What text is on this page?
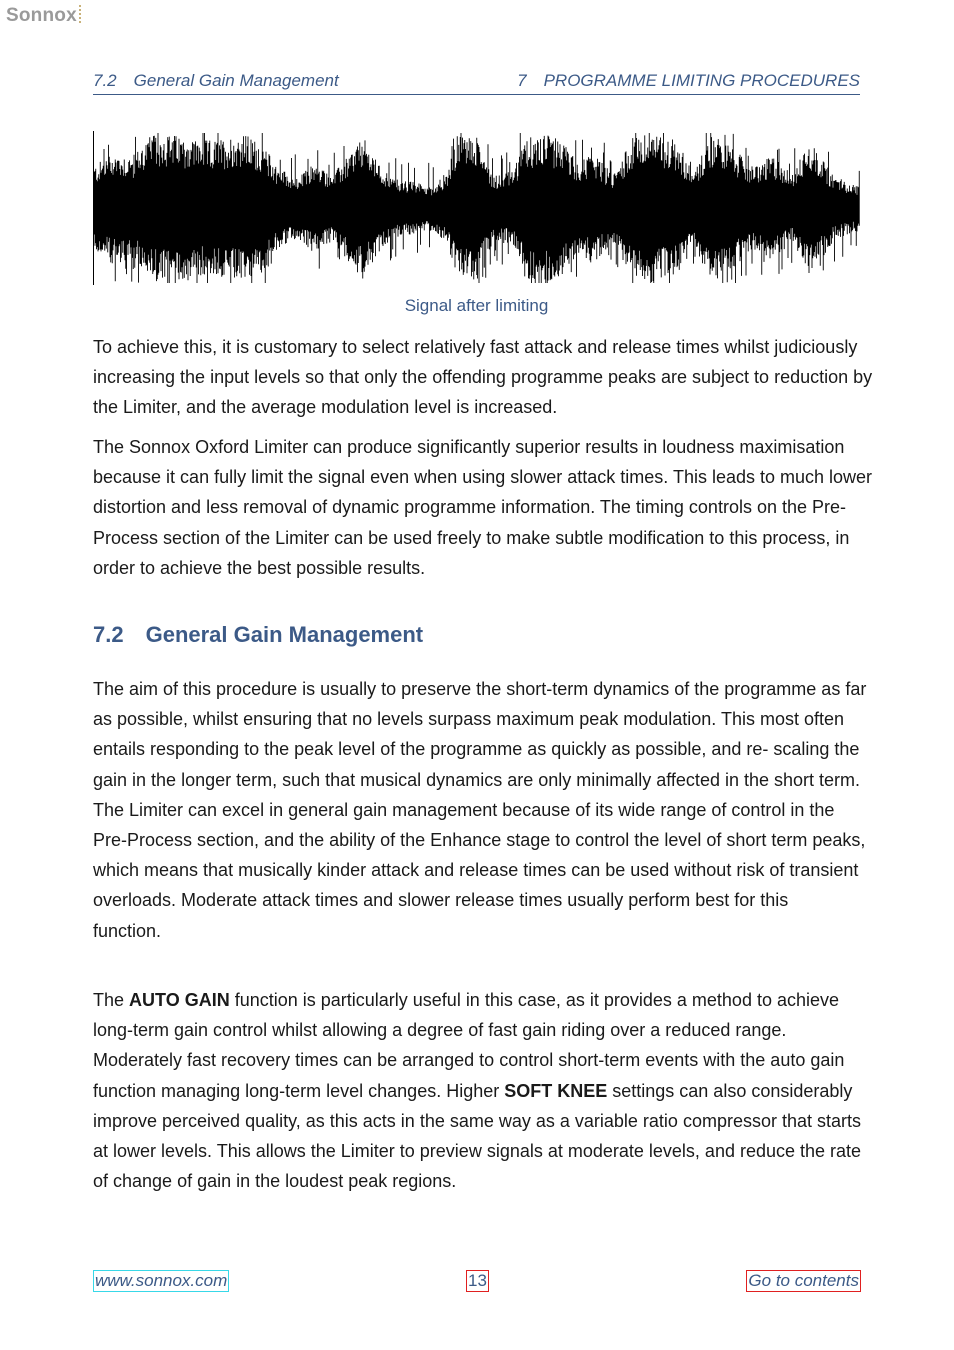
Sonnox
7.2 General Gain Management	7 PROGRAMME LIMITING PROCEDURES
Signal after limiting

To achieve this, it is customary to select relatively fast attack and release times whilst judiciously increasing the input levels so that only the offending programme peaks are subject to reduction by the Limiter, and the average modulation level is increased.

The Sonnox Oxford Limiter can produce significantly superior results in loudness maximisation because it can fully limit the signal even when using slower attack times. This leads to much lower distortion and less removal of dynamic programme information. The timing controls on the Pre-Process section of the Limiter can be used freely to make subtle modification to this process, in order to achieve the best possible results.

7.2 General Gain Management

The aim of this procedure is usually to preserve the short-term dynamics of the programme as far as possible, whilst ensuring that no levels surpass maximum peak modulation. This most often entails responding to the peak level of the programme as quickly as possible, and re- scaling the gain in the longer term, such that musical dynamics are only minimally affected in the short term. The Limiter can excel in general gain management because of its wide range of control in the Pre-Process section, and the ability of the Enhance stage to control the level of short term peaks, which means that musically kinder attack and release times can be used without risk of transient overloads. Moderate attack times and slower release times usually perform best for this
function.

The AUTO GAIN function is particularly useful in this case, as it provides a method to achieve long-term gain control whilst allowing a degree of fast gain riding over a reduced range. Moderately fast recovery times can be arranged to control short-term events with the auto gain function managing long-term level changes. Higher SOFT KNEE settings can also considerably improve perceived quality, as this acts in the same way as a variable ratio compressor that starts at lower levels. This allows the Limiter to preview signals at moderate levels, and reduce the rate of change of gain in the loudest peak regions.

www.sonnox.com	13	Go to contents
